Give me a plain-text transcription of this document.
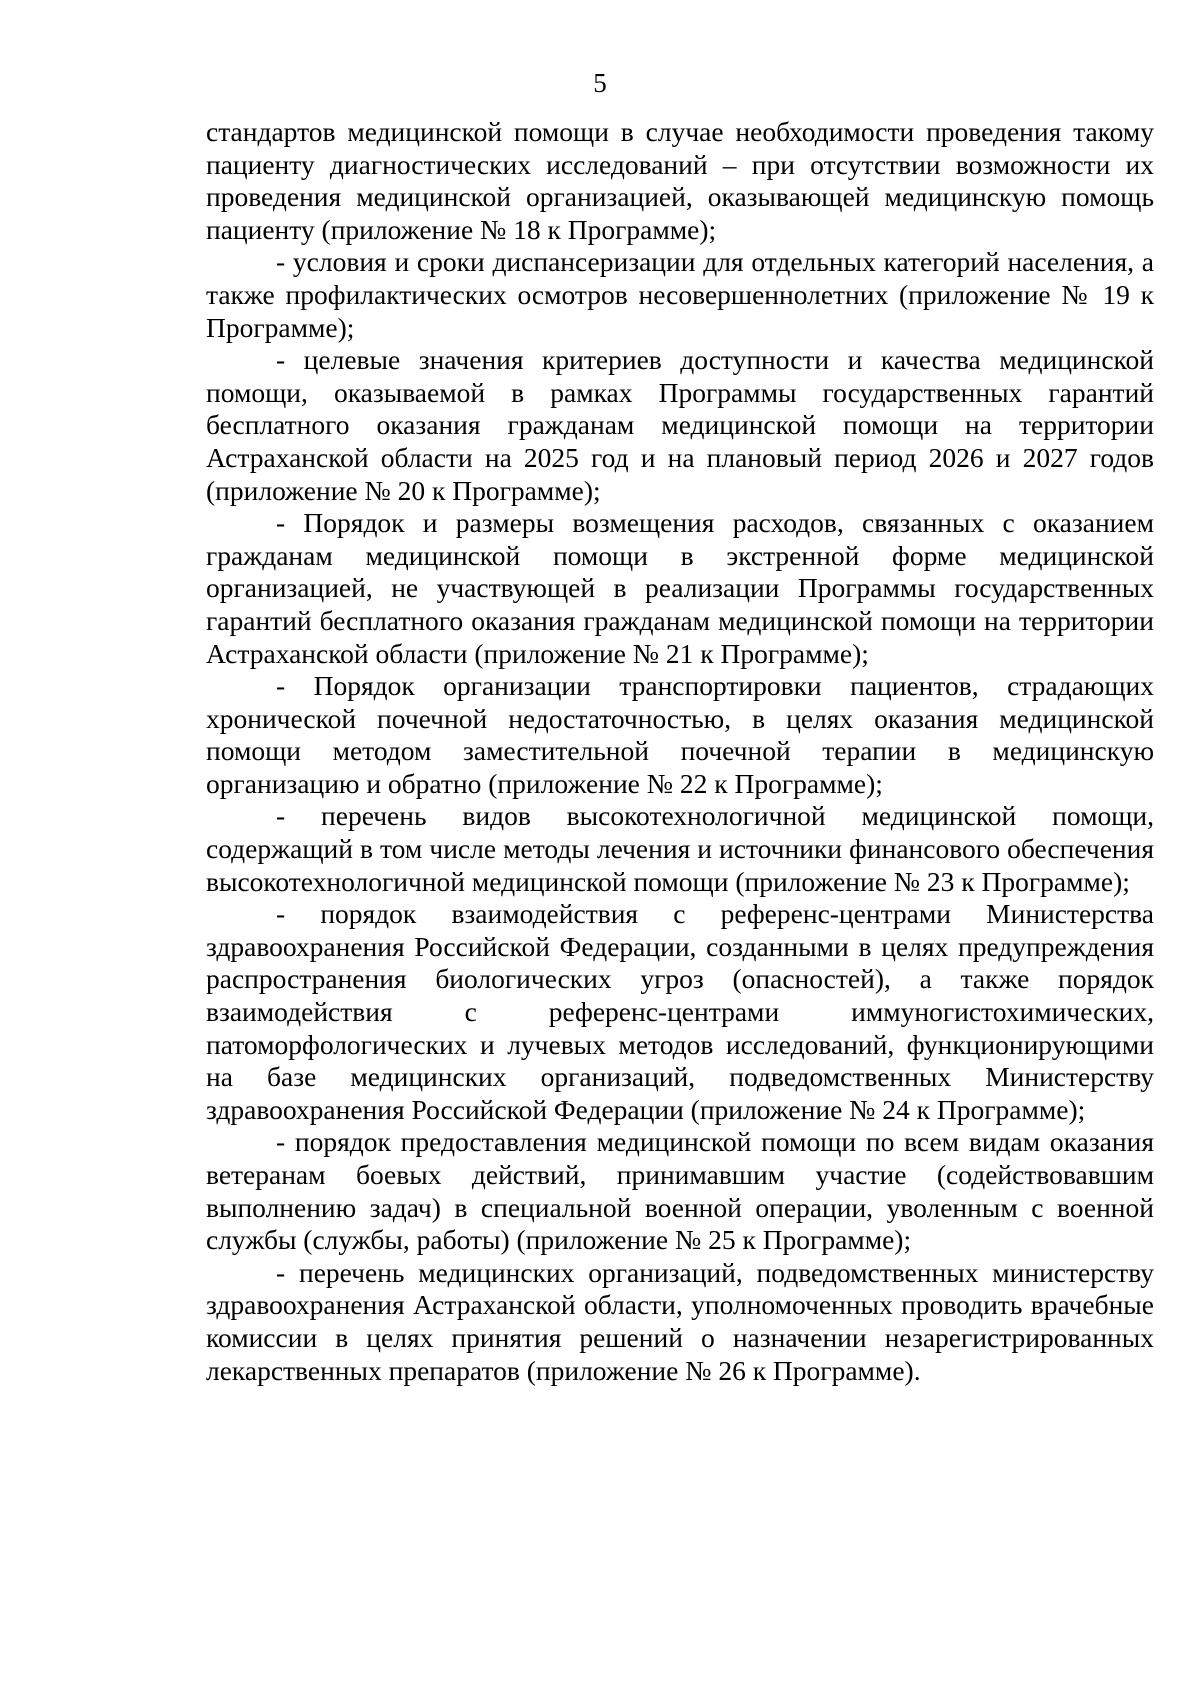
5

стандартов медицинской помощи в случае необходимости проведения такому пациенту диагностических исследований – при отсутствии возможности их проведения медицинской организацией, оказывающей медицинскую помощь пациенту (приложение № 18 к Программе);

- условия и сроки диспансеризации для отдельных категорий населения, а также профилактических осмотров несовершеннолетних (приложение № 19 к Программе);

- целевые значения критериев доступности и качества медицинской помощи, оказываемой в рамках Программы государственных гарантий бесплатного оказания гражданам медицинской помощи на территории Астраханской области на 2025 год и на плановый период 2026 и 2027 годов (приложение № 20 к Программе);

- Порядок и размеры возмещения расходов, связанных с оказанием гражданам медицинской помощи в экстренной форме медицинской организацией, не участвующей в реализации Программы государственных гарантий бесплатного оказания гражданам медицинской помощи на территории Астраханской области (приложение № 21 к Программе);

- Порядок организации транспортировки пациентов, страдающих хронической почечной недостаточностью, в целях оказания медицинской помощи методом заместительной почечной терапии в медицинскую организацию и обратно (приложение № 22 к Программе);

- перечень видов высокотехнологичной медицинской помощи, содержащий в том числе методы лечения и источники финансового обеспечения высокотехнологичной медицинской помощи (приложение № 23 к Программе);

- порядок взаимодействия с референс-центрами Министерства здравоохранения Российской Федерации, созданными в целях предупреждения распространения биологических угроз (опасностей), а также порядок взаимодействия с референс-центрами иммуногистохимических, патоморфологических и лучевых методов исследований, функционирующими на базе медицинских организаций, подведомственных Министерству здравоохранения Российской Федерации (приложение № 24 к Программе);

- порядок предоставления медицинской помощи по всем видам оказания ветеранам боевых действий, принимавшим участие (содействовавшим выполнению задач) в специальной военной операции, уволенным с военной службы (службы, работы) (приложение № 25 к Программе);

- перечень медицинских организаций, подведомственных министерству здравоохранения Астраханской области, уполномоченных проводить врачебные комиссии в целях принятия решений о назначении незарегистрированных лекарственных препаратов (приложение № 26 к Программе).
